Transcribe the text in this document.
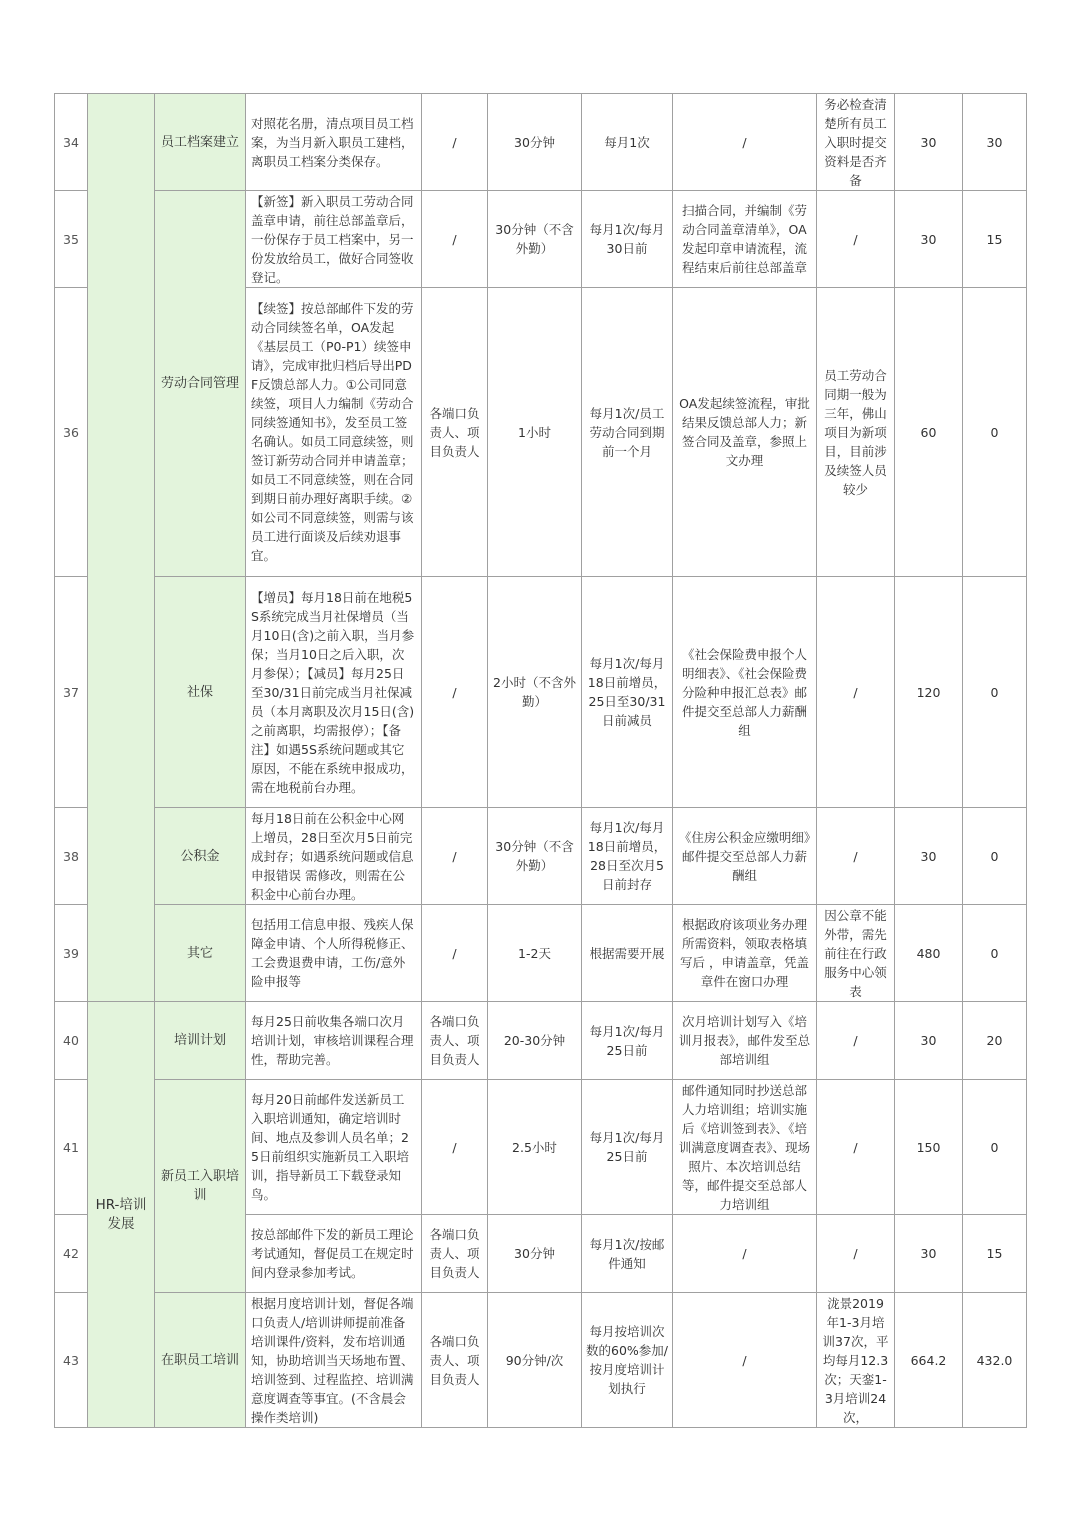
34		员工档案建立	对照花名册，清点项目员工档案，为当月新入职员工建档，离职员工档案分类保存。	/	30分钟	每月1次	/	务必检查清楚所有员工入职时提交资料是否齐备	30	30
35		劳动合同管理	【新签】新入职员工劳动合同盖章申请，前往总部盖章后，一份保存于员工档案中，另一份发放给员工，做好合同签收登记。	/	30分钟（不含外勤）	每月1次/每月30日前	扫描合同，并编制《劳动合同盖章清单》，OA发起印章申请流程，流程结束后前往总部盖章	/	30	15
36			【续签】按总部邮件下发的劳动合同续签名单，OA发起《基层员工（P0-P1）续签申请》，完成审批归档后导出PDF反馈总部人力。①公司同意续签，项目人力编制《劳动合同续签通知书》，发至员工签名确认。如员工同意续签，则签订新劳动合同并申请盖章；如员工不同意续签，则在合同到期日前办理好离职手续。②如公司不同意续签，则需与该员工进行面谈及后续劝退事宜。	各端口负责人、项目负责人	1小时	每月1次/员工劳动合同到期前一个月	OA发起续签流程，审批结果反馈总部人力；新签合同及盖章，参照上文办理	员工劳动合同期一般为三年，佛山项目为新项目，目前涉及续签人员较少	60	0
37		社保	【增员】每月18日前在地税5S系统完成当月社保增员（当月10日(含)之前入职，当月参保；当月10日之后入职，次月参保）；【减员】每月25日至30/31日前完成当月社保减员（本月离职及次月15日(含)之前离职，均需报停）；【备注】如遇5S系统问题或其它原因，不能在系统申报成功，需在地税前台办理。	/	2小时（不含外勤）	每月1次/每月18日前增员，25日至30/31日前减员	《社会保险费申报个人明细表》、《社会保险费分险种申报汇总表》邮件提交至总部人力薪酬组	/	120	0
38		公积金	每月18日前在公积金中心网上增员，28日至次月5日前完成封存；如遇系统问题或信息申报错误 需修改，则需在公积金中心前台办理。	/	30分钟（不含外勤）	每月1次/每月18日前增员，28日至次月5日前封存	《住房公积金应缴明细》邮件提交至总部人力薪酬组	/	30	0
39		其它	包括用工信息申报、残疾人保障金申请、个人所得税修正、工会费退费申请，工伤/意外险申报等	/	1-2天	根据需要开展	根据政府该项业务办理所需资料，领取表格填写后 ，申请盖章，凭盖章件在窗口办理	因公章不能外带，需先前往在行政服务中心领表	480	0
40	HR-培训发展	培训计划	每月25日前收集各端口次月培训计划，审核培训课程合理性，帮助完善。	各端口负责人、项目负责人	20-30分钟	每月1次/每月25日前	次月培训计划写入《培训月报表》，邮件发至总部培训组	/	30	20
41		新员工入职培训	每月20日前邮件发送新员工入职培训通知，确定培训时间、地点及参训人员名单；25日前组织实施新员工入职培训，指导新员工下载登录知鸟。	/	2.5小时	每月1次/每月25日前	邮件通知同时抄送总部人力培训组；培训实施后《培训签到表》、《培训满意度调查表》、现场照片、本次培训总结等，邮件提交至总部人力培训组	/	150	0
42			按总部邮件下发的新员工理论考试通知，督促员工在规定时间内登录参加考试。	各端口负责人、项目负责人	30分钟	每月1次/按邮件通知	/	/	30	15
43		在职员工培训	根据月度培训计划，督促各端口负责人/培训讲师提前准备培训课件/资料，发布培训通知，协助培训当天场地布置、培训签到、过程监控、培训满意度调查等事宜。(不含晨会操作类培训)	各端口负责人、项目负责人	90分钟/次	每月按培训次数的60%参加/按月度培训计划执行	/	泷景2019年1-3月培训37次，平均每月12.3次；天銮1-3月培训24次，	664.2	432.0
